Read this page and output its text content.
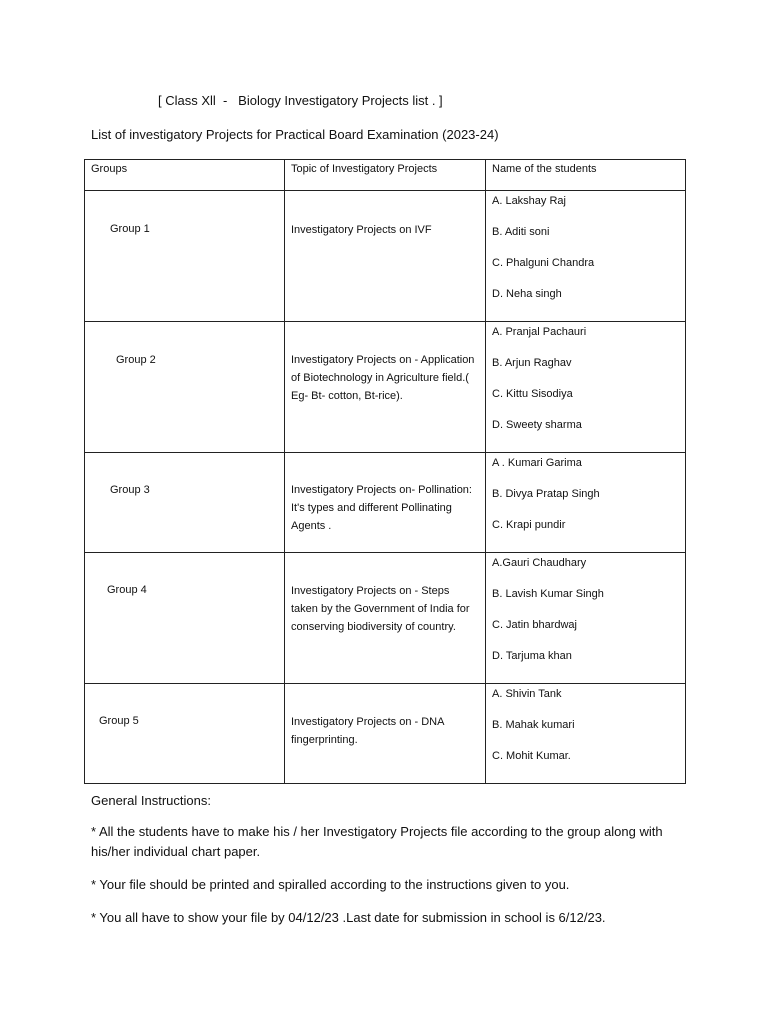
[ Class Xll  -   Biology Investigatory Projects list . ]
List of investigatory Projects for Practical Board Examination (2023-24)
Groups	Topic of Investigatory Projects	Name of the students

Group 1	Investigatory Projects on IVF	A. Lakshay Raj
B. Aditi soni
C. Phalguni Chandra
D. Neha singh

Group 2	Investigatory Projects on - Application of Biotechnology in Agriculture field.( Eg- Bt- cotton, Bt-rice).	A. Pranjal Pachauri
B. Arjun Raghav
C. Kittu Sisodiya
D. Sweety sharma

Group 3	Investigatory Projects on- Pollination: It's types and different Pollinating Agents .	A . Kumari Garima
B. Divya Pratap Singh
C. Krapi pundir

Group 4	Investigatory Projects on - Steps taken by the Government of India for conserving biodiversity of country.	A.Gauri Chaudhary
B. Lavish Kumar Singh
C. Jatin bhardwaj
D. Tarjuma khan

Group 5	Investigatory Projects on - DNA fingerprinting.	A. Shivin Tank
B. Mahak kumari
C. Mohit Kumar.
General Instructions:
* All the students have to make his / her Investigatory Projects file according to the group along with his/her individual chart paper.
* Your file should be printed and spiralled according to the instructions given to you.
* You all have to show your file by 04/12/23 .Last date for submission in school is 6/12/23.
